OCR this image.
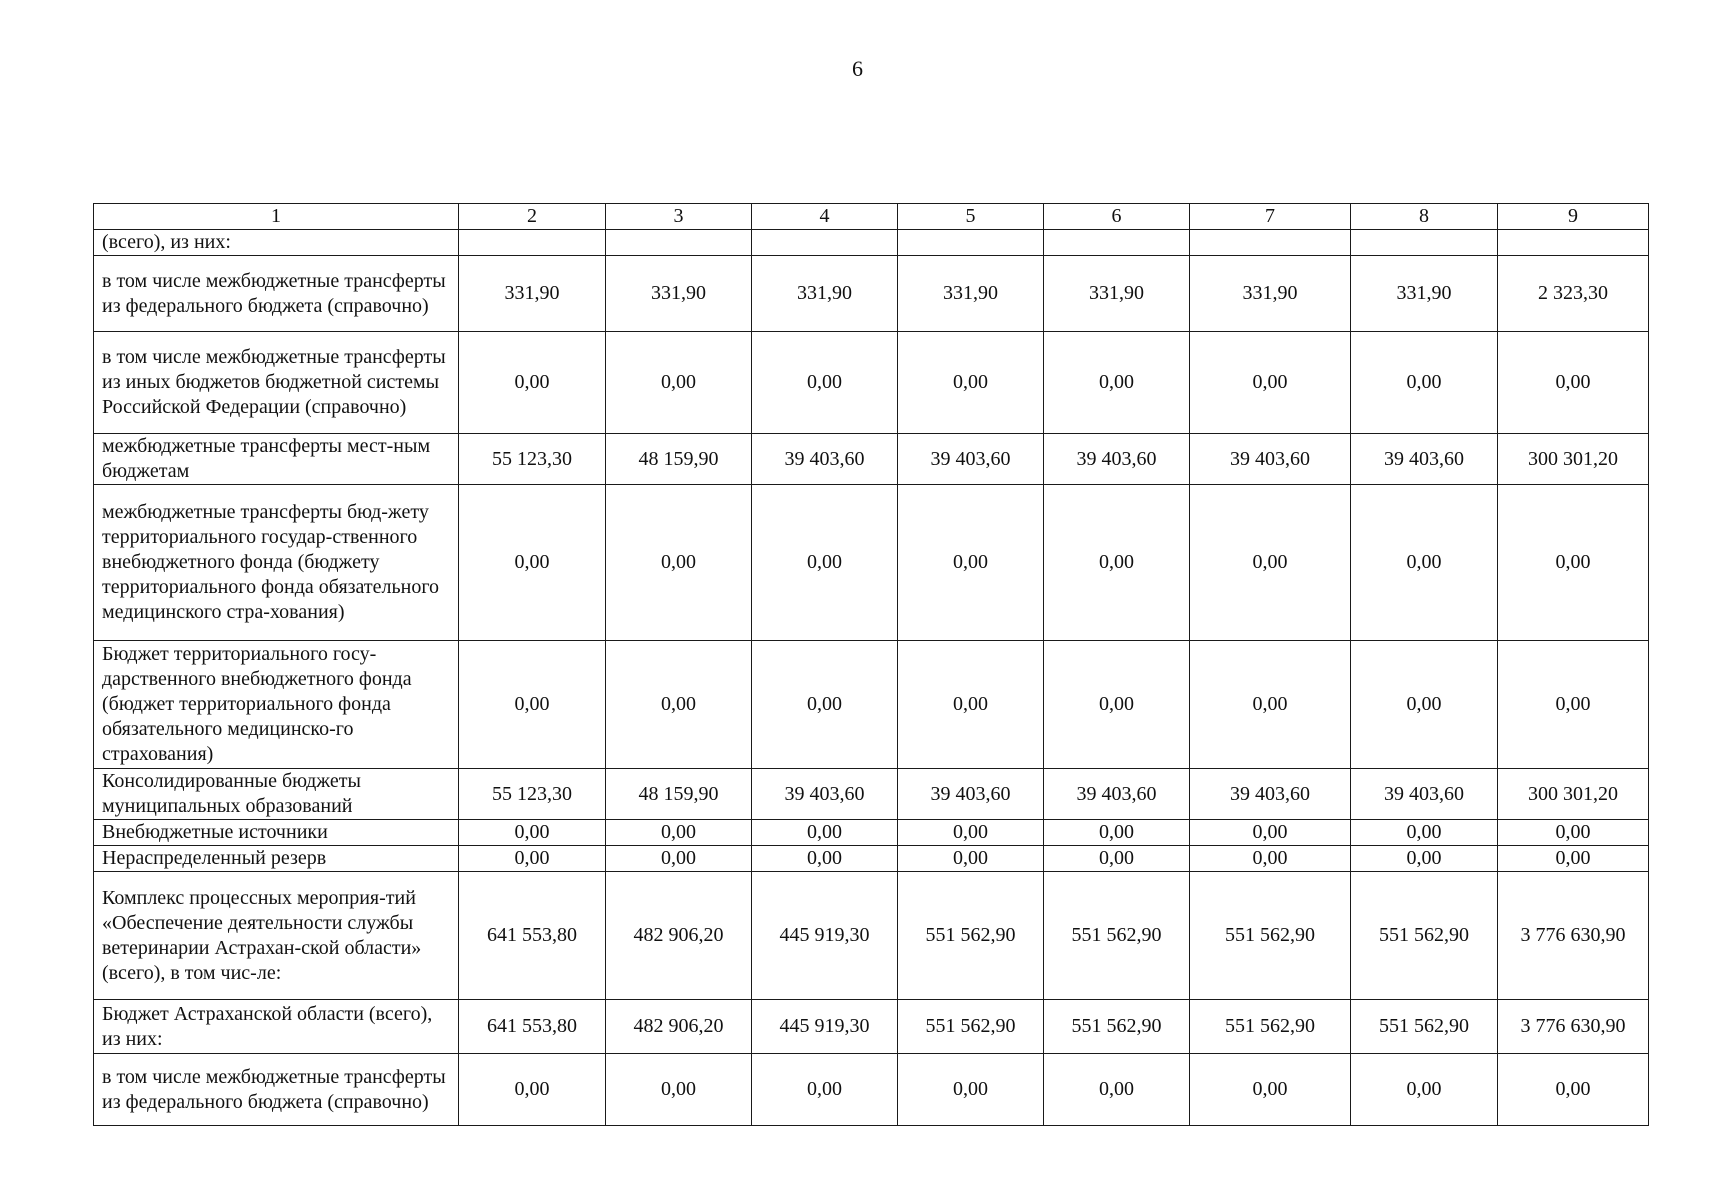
6
1	2	3	4	5	6	7	8	9
(всего), из них:								
в том числе межбюджетные трансферты из федерального бюджета (справочно)	331,90	331,90	331,90	331,90	331,90	331,90	331,90	2 323,30
в том числе межбюджетные трансферты из иных бюджетов бюджетной системы Российской Федерации (справочно)	0,00	0,00	0,00	0,00	0,00	0,00	0,00	0,00
межбюджетные трансферты мест-ным бюджетам	55 123,30	48 159,90	39 403,60	39 403,60	39 403,60	39 403,60	39 403,60	300 301,20
межбюджетные трансферты бюд-жету территориального государ-ственного внебюджетного фонда (бюджету территориального фонда обязательного медицинского стра-хования)	0,00	0,00	0,00	0,00	0,00	0,00	0,00	0,00
Бюджет территориального госу-дарственного внебюджетного фонда (бюджет территориального фонда обязательного медицинско-го страхования)	0,00	0,00	0,00	0,00	0,00	0,00	0,00	0,00
Консолидированные бюджеты муниципальных образований	55 123,30	48 159,90	39 403,60	39 403,60	39 403,60	39 403,60	39 403,60	300 301,20
Внебюджетные источники	0,00	0,00	0,00	0,00	0,00	0,00	0,00	0,00
Нераспределенный резерв	0,00	0,00	0,00	0,00	0,00	0,00	0,00	0,00
Комплекс процессных мероприя-тий «Обеспечение деятельности службы ветеринарии Астрахан-ской области» (всего), в том чис-ле:	641 553,80	482 906,20	445 919,30	551 562,90	551 562,90	551 562,90	551 562,90	3 776 630,90
Бюджет Астраханской области (всего), из них:	641 553,80	482 906,20	445 919,30	551 562,90	551 562,90	551 562,90	551 562,90	3 776 630,90
в том числе межбюджетные трансферты из федерального бюджета (справочно)	0,00	0,00	0,00	0,00	0,00	0,00	0,00	0,00
